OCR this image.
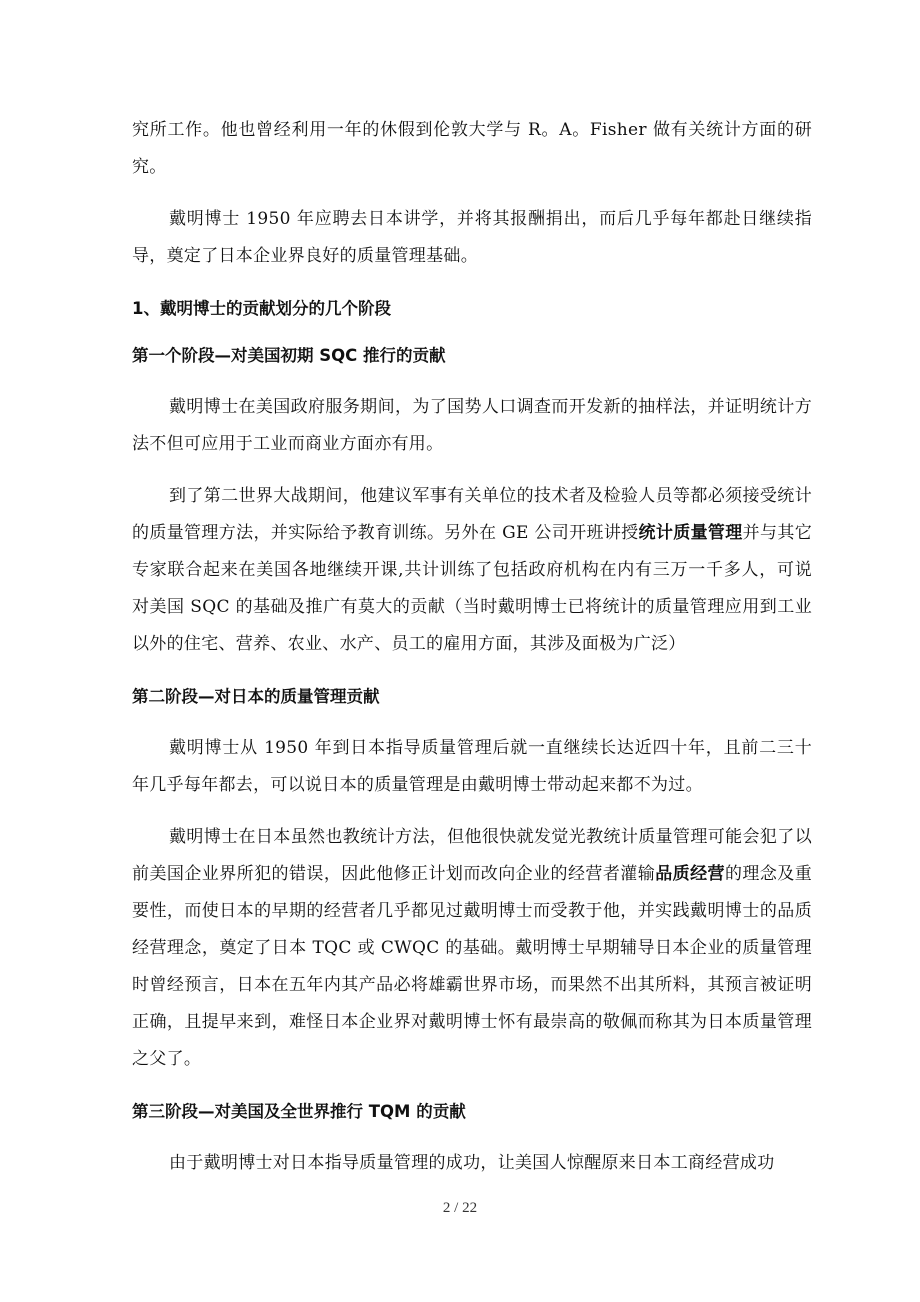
究所工作。他也曾经利用一年的休假到伦敦大学与 R。A。Fisher 做有关统计方面的研究。

戴明博士 1950 年应聘去日本讲学，并将其报酬捐出，而后几乎每年都赴日继续指导，奠定了日本企业界良好的质量管理基础。

1、戴明博士的贡献划分的几个阶段
第一个阶段—对美国初期 SQC 推行的贡献

戴明博士在美国政府服务期间，为了国势人口调查而开发新的抽样法，并证明统计方法不但可应用于工业而商业方面亦有用。

到了第二世界大战期间，他建议军事有关单位的技术者及检验人员等都必须接受统计的质量管理方法，并实际给予教育训练。另外在 GE 公司开班讲授统计质量管理并与其它专家联合起来在美国各地继续开课,共计训练了包括政府机构在内有三万一千多人，可说对美国 SQC 的基础及推广有莫大的贡献（当时戴明博士已将统计的质量管理应用到工业以外的住宅、营养、农业、水产、员工的雇用方面，其涉及面极为广泛）

第二阶段—对日本的质量管理贡献

戴明博士从 1950 年到日本指导质量管理后就一直继续长达近四十年，且前二三十年几乎每年都去，可以说日本的质量管理是由戴明博士带动起来都不为过。

戴明博士在日本虽然也教统计方法，但他很快就发觉光教统计质量管理可能会犯了以前美国企业界所犯的错误，因此他修正计划而改向企业的经营者灌输品质经营的理念及重要性，而使日本的早期的经营者几乎都见过戴明博士而受教于他，并实践戴明博士的品质经营理念，奠定了日本 TQC 或 CWQC 的基础。戴明博士早期辅导日本企业的质量管理时曾经预言，日本在五年内其产品必将雄霸世界市场，而果然不出其所料，其预言被证明正确，且提早来到，难怪日本企业界对戴明博士怀有最崇高的敬佩而称其为日本质量管理之父了。

第三阶段—对美国及全世界推行 TQM 的贡献

由于戴明博士对日本指导质量管理的成功，让美国人惊醒原来日本工商经营成功

2 / 22
